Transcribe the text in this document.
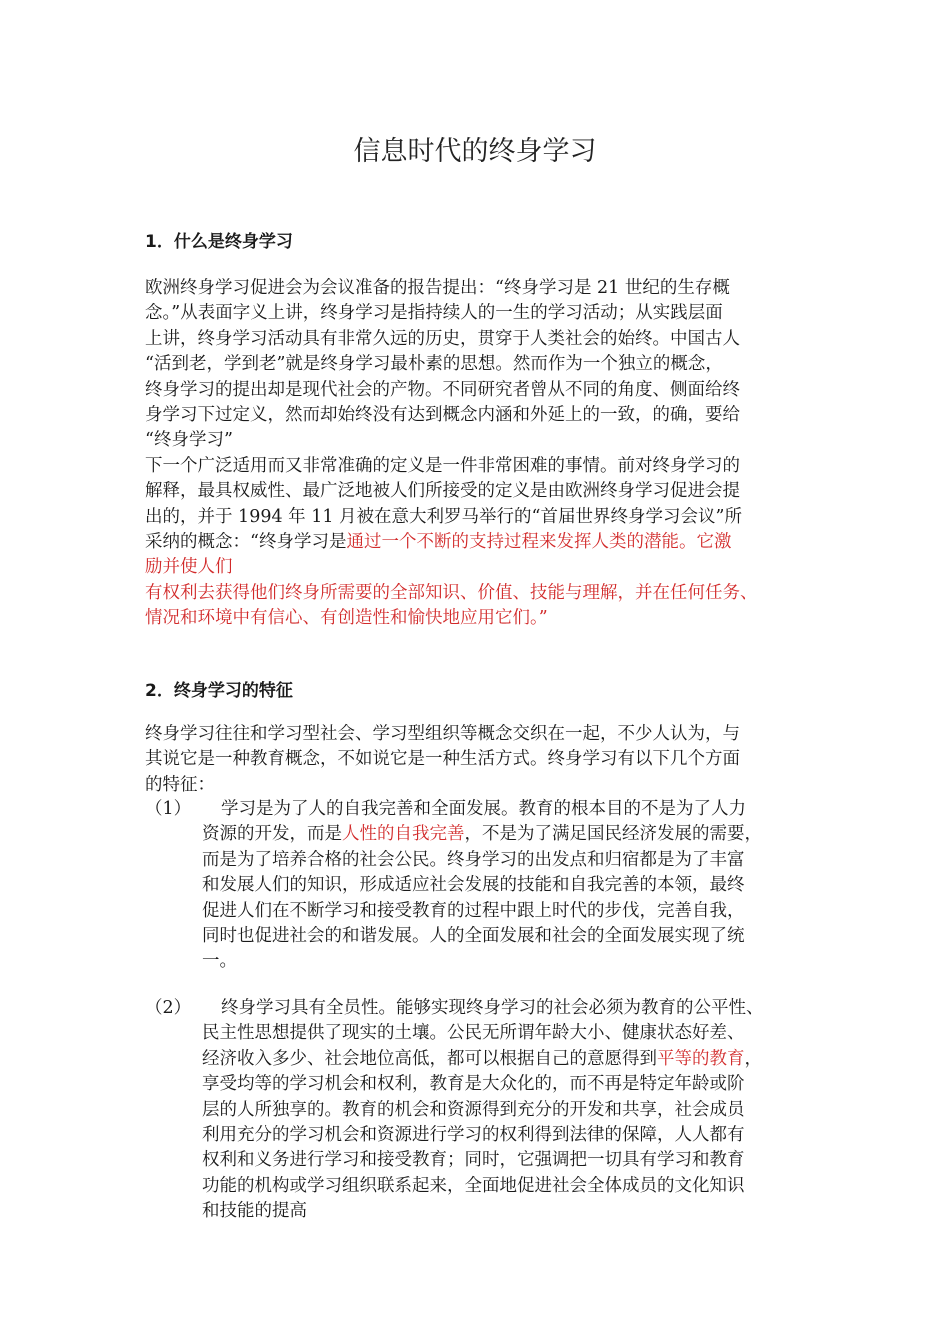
信息时代的终身学习
1．什么是终身学习
欧洲终身学习促进会为会议准备的报告提出：“终身学习是 21 世纪的生存概
念。”从表面字义上讲，终身学习是指持续人的一生的学习活动；从实践层面
上讲，终身学习活动具有非常久远的历史，贯穿于人类社会的始终。中国古人
“活到老，学到老”就是终身学习最朴素的思想。然而作为一个独立的概念，
终身学习的提出却是现代社会的产物。不同研究者曾从不同的角度、侧面给终
身学习下过定义，然而却始终没有达到概念内涵和外延上的一致，的确，要给
“终身学习”
下一个广泛适用而又非常准确的定义是一件非常困难的事情。前对终身学习的
解释，最具权威性、最广泛地被人们所接受的定义是由欧洲终身学习促进会提
出的，并于 1994 年 11 月被在意大利罗马举行的“首届世界终身学习会议”所
采纳的概念：“终身学习是通过一个不断的支持过程来发挥人类的潜能。它激
励并使人们
有权利去获得他们终身所需要的全部知识、价值、技能与理解，并在任何任务、
情况和环境中有信心、有创造性和愉快地应用它们。”
2．终身学习的特征
终身学习往往和学习型社会、学习型组织等概念交织在一起，不少人认为，与
其说它是一种教育概念，不如说它是一种生活方式。终身学习有以下几个方面
的特征：
（1）	学习是为了人的自我完善和全面发展。教育的根本目的不是为了人力
资源的开发，而是人性的自我完善，不是为了满足国民经济发展的需要，
而是为了培养合格的社会公民。终身学习的出发点和归宿都是为了丰富
和发展人们的知识，形成适应社会发展的技能和自我完善的本领，最终
促进人们在不断学习和接受教育的过程中跟上时代的步伐，完善自我，
同时也促进社会的和谐发展。人的全面发展和社会的全面发展实现了统
一。
（2）	终身学习具有全员性。能够实现终身学习的社会必须为教育的公平性、
民主性思想提供了现实的土壤。公民无所谓年龄大小、健康状态好差、
经济收入多少、社会地位高低，都可以根据自己的意愿得到平等的教育，
享受均等的学习机会和权利，教育是大众化的，而不再是特定年龄或阶
层的人所独享的。教育的机会和资源得到充分的开发和共享，社会成员
利用充分的学习机会和资源进行学习的权利得到法律的保障，人人都有
权利和义务进行学习和接受教育；同时，它强调把一切具有学习和教育
功能的机构或学习组织联系起来，全面地促进社会全体成员的文化知识
和技能的提高
